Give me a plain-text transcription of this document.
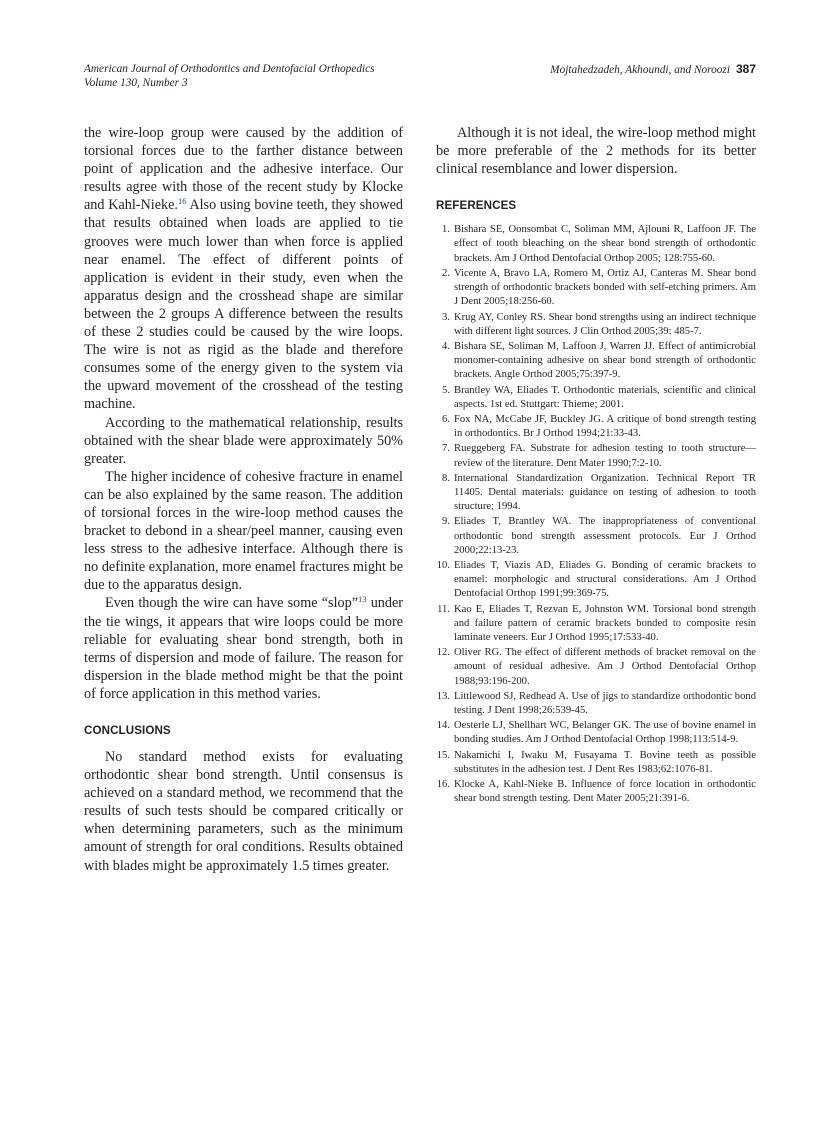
American Journal of Orthodontics and Dentofacial Orthopedics
Volume 130, Number 3
Mojtahedzadeh, Akhoundi, and Noroozi 387

the wire-loop group were caused by the addition of torsional forces due to the farther distance between point of application and the adhesive interface. Our results agree with those of the recent study by Klocke and Kahl-Nieke.$^{16}$ Also using bovine teeth, they showed that results obtained when loads are applied to tie grooves were much lower than when force is applied near enamel. The effect of different points of application is evident in their study, even when the apparatus design and the crosshead shape are similar between the 2 groups A difference between the results of these 2 studies could be caused by the wire loops. The wire is not as rigid as the blade and therefore consumes some of the energy given to the system via the upward movement of the crosshead of the testing machine.

According to the mathematical relationship, results obtained with the shear blade were approximately 50% greater.

The higher incidence of cohesive fracture in enamel can be also explained by the same reason. The addition of torsional forces in the wire-loop method causes the bracket to debond in a shear/peel manner, causing even less stress to the adhesive interface. Although there is no definite explanation, more enamel fractures might be due to the apparatus design.

Even though the wire can have some “slop”$^{13}$ under the tie wings, it appears that wire loops could be more reliable for evaluating shear bond strength, both in terms of dispersion and mode of failure. The reason for dispersion in the blade method might be that the point of force application in this method varies.

CONCLUSIONS

No standard method exists for evaluating orthodontic shear bond strength. Until consensus is achieved on a standard method, we recommend that the results of such tests should be compared critically or when determining parameters, such as the minimum amount of strength for oral conditions. Results obtained with blades might be approximately 1.5 times greater.

Although it is not ideal, the wire-loop method might be more preferable of the 2 methods for its better clinical resemblance and lower dispersion.

REFERENCES
1. Bishara SE, Oonsombat C, Soliman MM, Ajlouni R, Laffoon JF. The effect of tooth bleaching on the shear bond strength of orthodontic brackets. Am J Orthod Dentofacial Orthop 2005; 128:755-60.
2. Vicente A, Bravo LA, Romero M, Ortiz AJ, Canteras M. Shear bond strength of orthodontic brackets bonded with self-etching primers. Am J Dent 2005;18:256-60.
3. Krug AY, Conley RS. Shear bond strengths using an indirect technique with different light sources. J Clin Orthod 2005;39: 485-7.
4. Bishara SE, Soliman M, Laffoon J, Warren JJ. Effect of antimicrobial monomer-containing adhesive on shear bond strength of orthodontic brackets. Angle Orthod 2005;75:397-9.
5. Brantley WA, Eliades T. Orthodontic materials, scientific and clinical aspects. 1st ed. Stuttgart: Thieme; 2001.
6. Fox NA, McCabe JF, Buckley JG. A critique of bond strength testing in orthodontics. Br J Orthod 1994;21:33-43.
7. Rueggeberg FA. Substrate for adhesion testing to tooth structure—review of the literature. Dent Mater 1990;7:2-10.
8. International Standardization Organization. Technical Report TR 11405. Dental materials: guidance on testing of adhesion to tooth structure; 1994.
9. Eliades T, Brantley WA. The inappropriateness of conventional orthodontic bond strength assessment protocols. Eur J Orthod 2000;22:13-23.
10. Eliades T, Viazis AD, Eliades G. Bonding of ceramic brackets to enamel: morphologic and structural considerations. Am J Orthod Dentofacial Orthop 1991;99:369-75.
11. Kao E, Eliades T, Rezvan E, Johnston WM. Torsional bond strength and failure pattern of ceramic brackets bonded to composite resin laminate veneers. Eur J Orthod 1995;17:533-40.
12. Oliver RG. The effect of different methods of bracket removal on the amount of residual adhesive. Am J Orthod Dentofacial Orthop 1988;93:196-200.
13. Littlewood SJ, Redhead A. Use of jigs to standardize orthodontic bond testing. J Dent 1998;26:539-45.
14. Oesterle LJ, Shellhart WC, Belanger GK. The use of bovine enamel in bonding studies. Am J Orthod Dentofacial Orthop 1998;113:514-9.
15. Nakamichi I, Iwaku M, Fusayama T. Bovine teeth as possible substitutes in the adhesion test. J Dent Res 1983;62:1076-81.
16. Klocke A, Kahl-Nieke B. Influence of force location in orthodontic shear bond strength testing. Dent Mater 2005;21:391-6.
